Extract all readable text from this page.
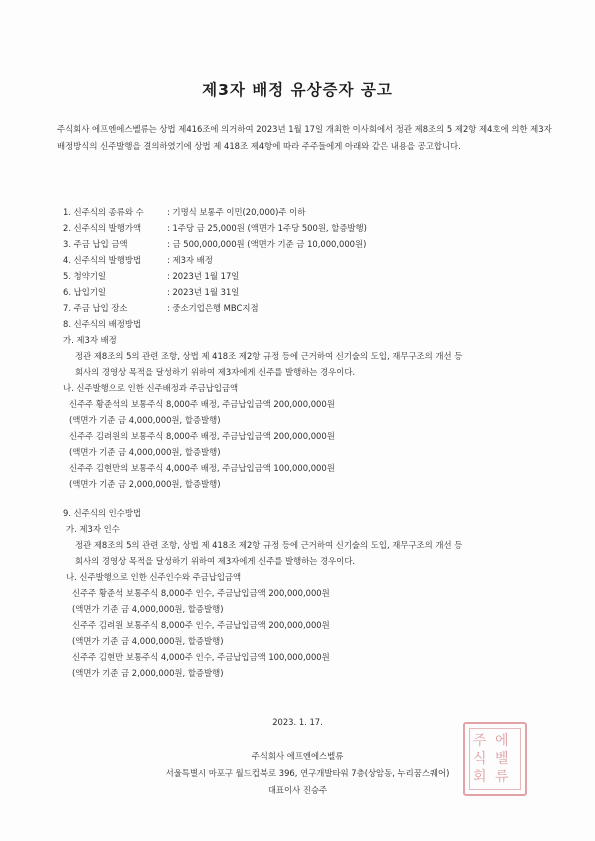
제3자 배정 유상증자 공고
주식회사 에프엔에스벨류는 상법 제416조에 의거하여 2023년 1월 17일 개최한 이사회에서 정관 제8조의 5 제2항 제4호에 의한 제3자 배정방식의 신주발행을 결의하였기에 상법 제 418조 제4항에 따라 주주들에게 아래와 같은 내용을 공고합니다.
1. 신주식의 종류와 수	: 기명식 보통주 이민(20,000)주 이하
2. 신주식의 발행가액	: 1주당 금 25,000원 (액면가 1주당 500원, 할증발행)
3. 주금 납입 금액	: 금 500,000,000원 (액면가 기준 금 10,000,000원)
4. 신주식의 발행방법	: 제3자 배정
5. 청약기일	: 2023년 1월 17일
6. 납입기일	: 2023년 1월 31일
7. 주금 납입 장소	: 중소기업은행 MBC지점
8. 신주식의 배정방법
가. 제3자 배정
정관 제8조의 5의 관련 조항, 상법 제 418조 제2항 규정 등에 근거하여 신기술의 도입, 재무구조의 개선 등
회사의 경영상 목적을 달성하기 위하여 제3자에게 신주를 발행하는 경우이다.
나. 신주발행으로 인한 신주배정과 주금납입금액
신주주 황준석의 보통주식 8,000주 배정, 주금납입금액 200,000,000원
(액면가 기준 금 4,000,000원, 할증발행)
신주주 김려원의 보통주식 8,000주 배정, 주금납입금액 200,000,000원
(액면가 기준 금 4,000,000원, 할증발행)
신주주 김현만의 보통주식 4,000주 배정, 주금납입금액 100,000,000원
(액면가 기준 금 2,000,000원, 할증발행)
9. 신주식의 인수방법
가. 제3자 인수
정관 제8조의 5의 관련 조항, 상법 제 418조 제2항 규정 등에 근거하여 신기술의 도입, 재무구조의 개선 등
회사의 경영상 목적을 달성하기 위하여 제3자에게 신주를 발행하는 경우이다.
나. 신주발행으로 인한 신주인수와 주금납입금액
신주주 황준석 보통주식 8,000주 인수, 주금납입금액 200,000,000원
(액면가 기준 금 4,000,000원, 할증발행)
신주주 김려원 보통주식 8,000주 인수, 주금납입금액 200,000,000원
(액면가 기준 금 4,000,000원, 할증발행)
신주주 김현만 보통주식 4,000주 인수, 주금납입금액 100,000,000원
(액면가 기준 금 2,000,000원, 할증발행)
2023. 1. 17.
주식회사 에프엔에스벨류
서울특별시 마포구 월드컵북로 396, 연구개발타워 7층(상암동, 누리꿈스퀘어)
대표이사 진승주
주
식
회
에
벨
류
